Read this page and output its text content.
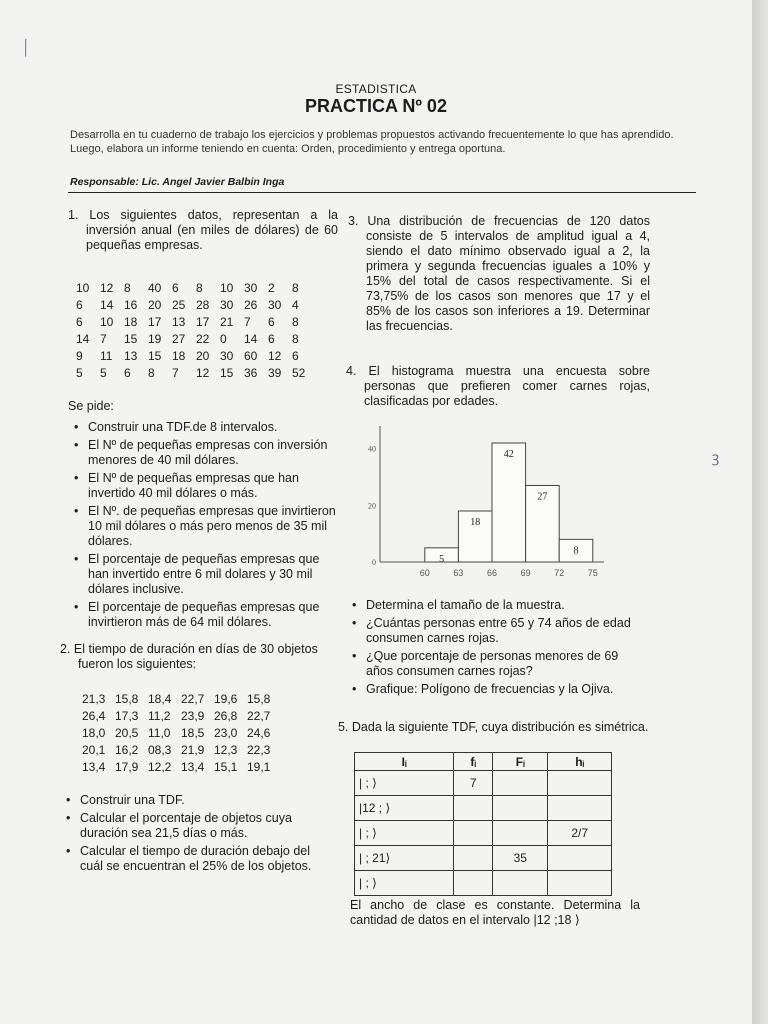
⟋
ꝫ
ESTADISTICA
PRACTICA Nº 02
Desarrolla en tu cuaderno de trabajo los ejercicios y problemas propuestos activando frecuentemente lo que has aprendido. Luego, elabora un informe teniendo en cuenta: Orden, procedimiento y entrega oportuna.
Responsable: Lic. Angel Javier Balbin Inga
1. Los siguientes datos, representan a la inversión anual (en miles de dólares) de 60 pequeñas empresas.
10	12	8	40	6	8	10	30	2	8
6	14	16	20	25	28	30	26	30	4
6	10	18	17	13	17	21	7	6	8
14	7	15	19	27	22	0	14	6	8
9	11	13	15	18	20	30	60	12	6
5	5	6	8	7	12	15	36	39	52
Se pide:
• Construir una TDF.de 8 intervalos.
• El Nº de pequeñas empresas con inversión menores de 40 mil dólares.
• El Nº de pequeñas empresas que han invertido 40 mil dólares o más.
• El Nº. de pequeñas empresas que invirtieron 10 mil dólares o más pero menos de 35 mil dólares.
• El porcentaje de pequeñas empresas que han invertido entre 6 mil dolares y 30 mil dólares inclusive.
• El porcentaje de pequeñas empresas que invirtieron más de 64 mil dólares.
2. El tiempo de duración en días de 30 objetos fueron los siguientes:
21,3	15,8	18,4	22,7	19,6	15,8
26,4	17,3	11,2	23,9	26,8	22,7
18,0	20,5	11,0	18,5	23,0	24,6
20,1	16,2	08,3	21,9	12,3	22,3
13,4	17,9	12,2	13,4	15,1	19,1
• Construir una TDF.
• Calcular el porcentaje de objetos cuya duración sea 21,5 días o más.
• Calcular el tiempo de duración debajo del cuál se encuentran el 25% de los objetos.
3. Una distribución de frecuencias de 120 datos consiste de 5 intervalos de amplitud igual a 4, siendo el dato mínimo observado igual a 2, la primera y segunda frecuencias iguales a 10% y 15% del total de casos respectivamente. Si el 73,75% de los casos son menores que 17 y el 85% de los casos son inferiores a 19. Determinar las frecuencias.
4. El histograma muestra una encuesta sobre personas que prefieren comer carnes rojas, clasificadas por edades.
0
20
40
5
18
42
27
8
60	63	66	69	72	75
• Determina el tamaño de la muestra.
• ¿Cuántas personas entre 65 y 74 años de edad consumen carnes rojas.
• ¿Que porcentaje de personas menores de 69 años consumen carnes rojas?
• Grafique: Polígono de frecuencias y la Ojiva.
5. Dada la siguiente TDF, cuya distribución es simétrica.
Iᵢ	fᵢ	Fᵢ	hᵢ
| ; ⟩	7		
|12 ; ⟩			
| ; ⟩			2/7
| ; 21⟩		35	
| ; ⟩			
El ancho de clase es constante. Determina la cantidad de datos en el intervalo |12 ;18 ⟩
